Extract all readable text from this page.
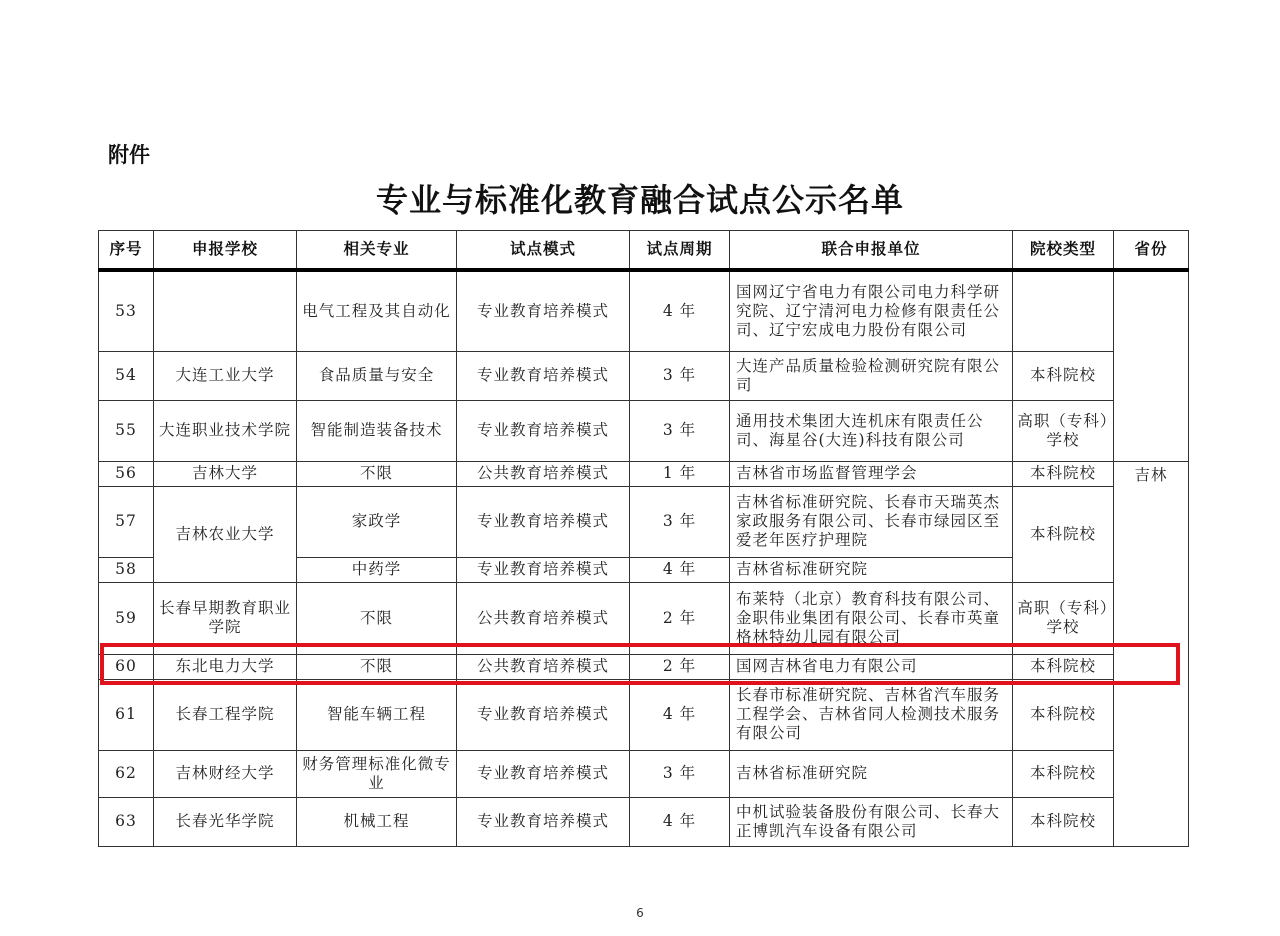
附件
专业与标准化教育融合试点公示名单
序号	申报学校	相关专业	试点模式	试点周期	联合申报单位	院校类型	省份
53		电气工程及其自动化	专业教育培养模式	4 年	国网辽宁省电力有限公司电力科学研究院、辽宁清河电力检修有限责任公司、辽宁宏成电力股份有限公司		
54	大连工业大学	食品质量与安全	专业教育培养模式	3 年	大连产品质量检验检测研究院有限公司	本科院校	
55	大连职业技术学院	智能制造装备技术	专业教育培养模式	3 年	通用技术集团大连机床有限责任公司、海星谷(大连)科技有限公司	高职（专科）学校	
56	吉林大学	不限	公共教育培养模式	1 年	吉林省市场监督管理学会	本科院校	吉林
57	吉林农业大学	家政学	专业教育培养模式	3 年	吉林省标准研究院、长春市天瑞英杰家政服务有限公司、长春市绿园区至爱老年医疗护理院	本科院校	
58		中药学	专业教育培养模式	4 年	吉林省标准研究院		
59	长春早期教育职业学院	不限	公共教育培养模式	2 年	布莱特（北京）教育科技有限公司、金职伟业集团有限公司、长春市英童格林特幼儿园有限公司	高职（专科）学校	
60	东北电力大学	不限	公共教育培养模式	2 年	国网吉林省电力有限公司	本科院校	
61	长春工程学院	智能车辆工程	专业教育培养模式	4 年	长春市标准研究院、吉林省汽车服务工程学会、吉林省同人检测技术服务有限公司	本科院校	
62	吉林财经大学	财务管理标准化微专业	专业教育培养模式	3 年	吉林省标准研究院	本科院校	
63	长春光华学院	机械工程	专业教育培养模式	4 年	中机试验装备股份有限公司、长春大正博凯汽车设备有限公司	本科院校	
6
